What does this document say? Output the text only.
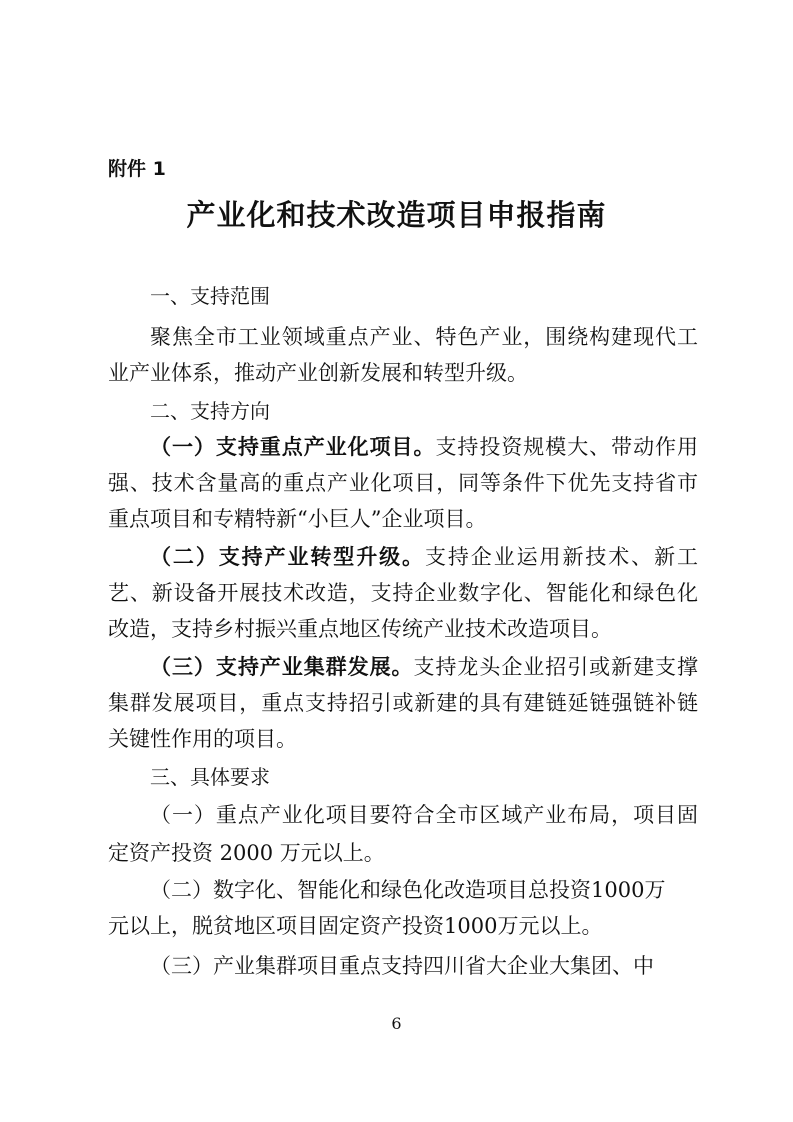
附件 1
产业化和技术改造项目申报指南
一、支持范围
聚焦全市工业领域重点产业、特色产业，围绕构建现代工
业产业体系，推动产业创新发展和转型升级。
二、支持方向
（一）支持重点产业化项目。支持投资规模大、带动作用
强、技术含量高的重点产业化项目，同等条件下优先支持省市
重点项目和专精特新“小巨人”企业项目。
（二）支持产业转型升级。支持企业运用新技术、新工
艺、新设备开展技术改造，支持企业数字化、智能化和绿色化
改造，支持乡村振兴重点地区传统产业技术改造项目。
（三）支持产业集群发展。支持龙头企业招引或新建支撑
集群发展项目，重点支持招引或新建的具有建链延链强链补链
关键性作用的项目。
三、具体要求
（一）重点产业化项目要符合全市区域产业布局，项目固
定资产投资 2000 万元以上。
（二）数字化、智能化和绿色化改造项目总投资1000万
元以上，脱贫地区项目固定资产投资1000万元以上。
（三）产业集群项目重点支持四川省大企业大集团、中
6
